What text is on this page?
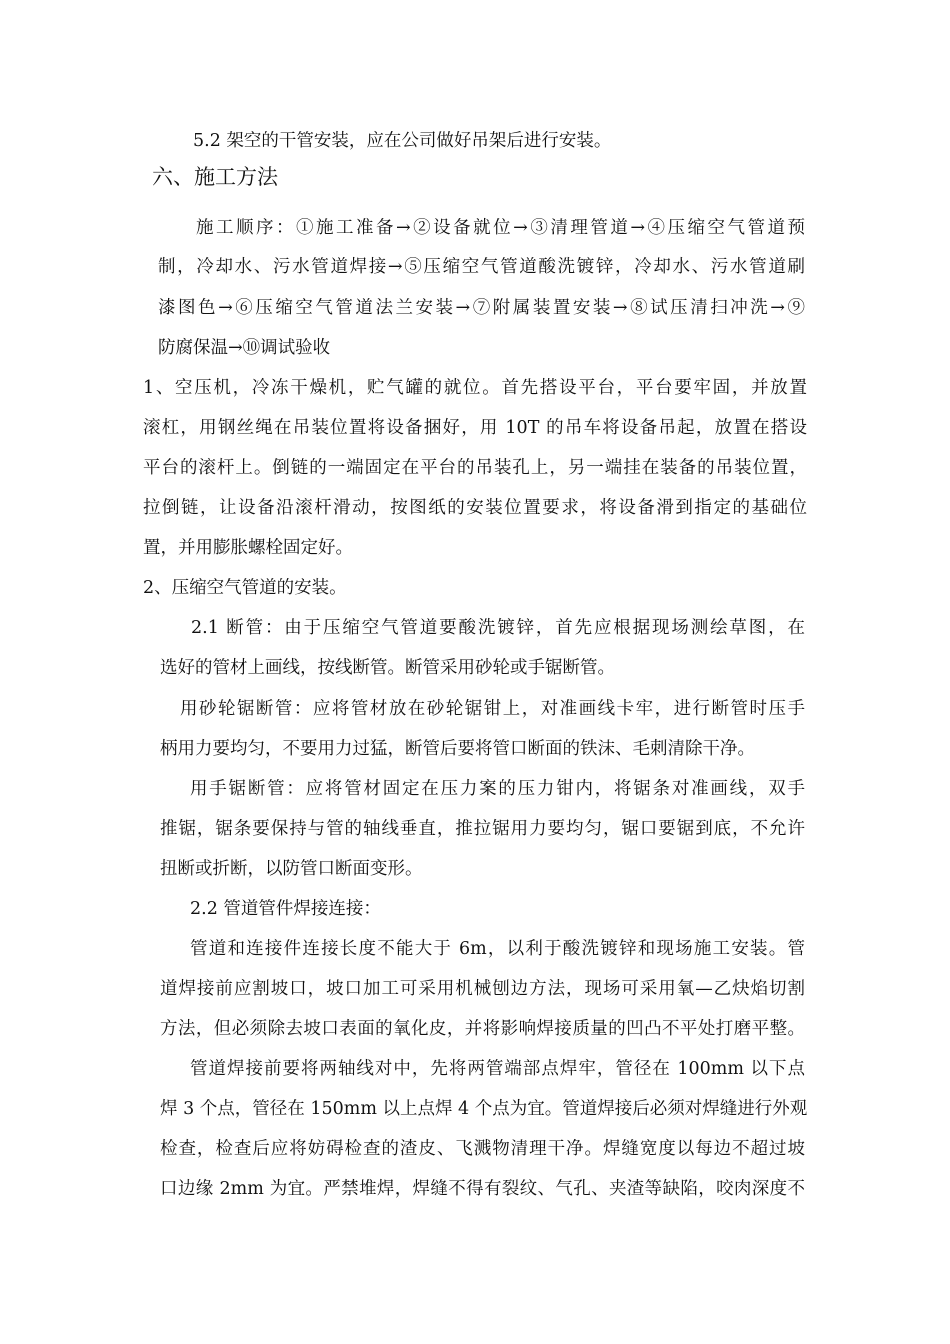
5.2 架空的干管安装，应在公司做好吊架后进行安装。
六、施工方法
施工顺序：①施工准备→②设备就位→③清理管道→④压缩空气管道预
制，冷却水、污水管道焊接→⑤压缩空气管道酸洗镀锌，冷却水、污水管道刷
漆图色→⑥压缩空气管道法兰安装→⑦附属装置安装→⑧试压清扫冲洗→⑨
防腐保温→⑩调试验收
1、空压机，冷冻干燥机，贮气罐的就位。首先搭设平台，平台要牢固，并放置
滚杠，用钢丝绳在吊装位置将设备捆好，用 10T 的吊车将设备吊起，放置在搭设
平台的滚杆上。倒链的一端固定在平台的吊装孔上，另一端挂在装备的吊装位置，
拉倒链，让设备沿滚杆滑动，按图纸的安装位置要求，将设备滑到指定的基础位
置，并用膨胀螺栓固定好。
2、压缩空气管道的安装。
2.1 断管：由于压缩空气管道要酸洗镀锌，首先应根据现场测绘草图，在
选好的管材上画线，按线断管。断管采用砂轮或手锯断管。
用砂轮锯断管：应将管材放在砂轮锯钳上，对准画线卡牢，进行断管时压手
柄用力要均匀，不要用力过猛，断管后要将管口断面的铁沫、毛刺清除干净。
用手锯断管：应将管材固定在压力案的压力钳内，将锯条对准画线，双手
推锯，锯条要保持与管的轴线垂直，推拉锯用力要均匀，锯口要锯到底，不允许
扭断或折断，以防管口断面变形。
2.2 管道管件焊接连接：
管道和连接件连接长度不能大于 6m，以利于酸洗镀锌和现场施工安装。管
道焊接前应割坡口，坡口加工可采用机械刨边方法，现场可采用氧—乙炔焰切割
方法，但必须除去坡口表面的氧化皮，并将影响焊接质量的凹凸不平处打磨平整。
管道焊接前要将两轴线对中，先将两管端部点焊牢，管径在 100mm 以下点
焊 3 个点，管径在 150mm 以上点焊 4 个点为宜。管道焊接后必须对焊缝进行外观
检查，检查后应将妨碍检查的渣皮、飞溅物清理干净。焊缝宽度以每边不超过坡
口边缘 2mm 为宜。严禁堆焊，焊缝不得有裂纹、气孔、夹渣等缺陷，咬肉深度不
